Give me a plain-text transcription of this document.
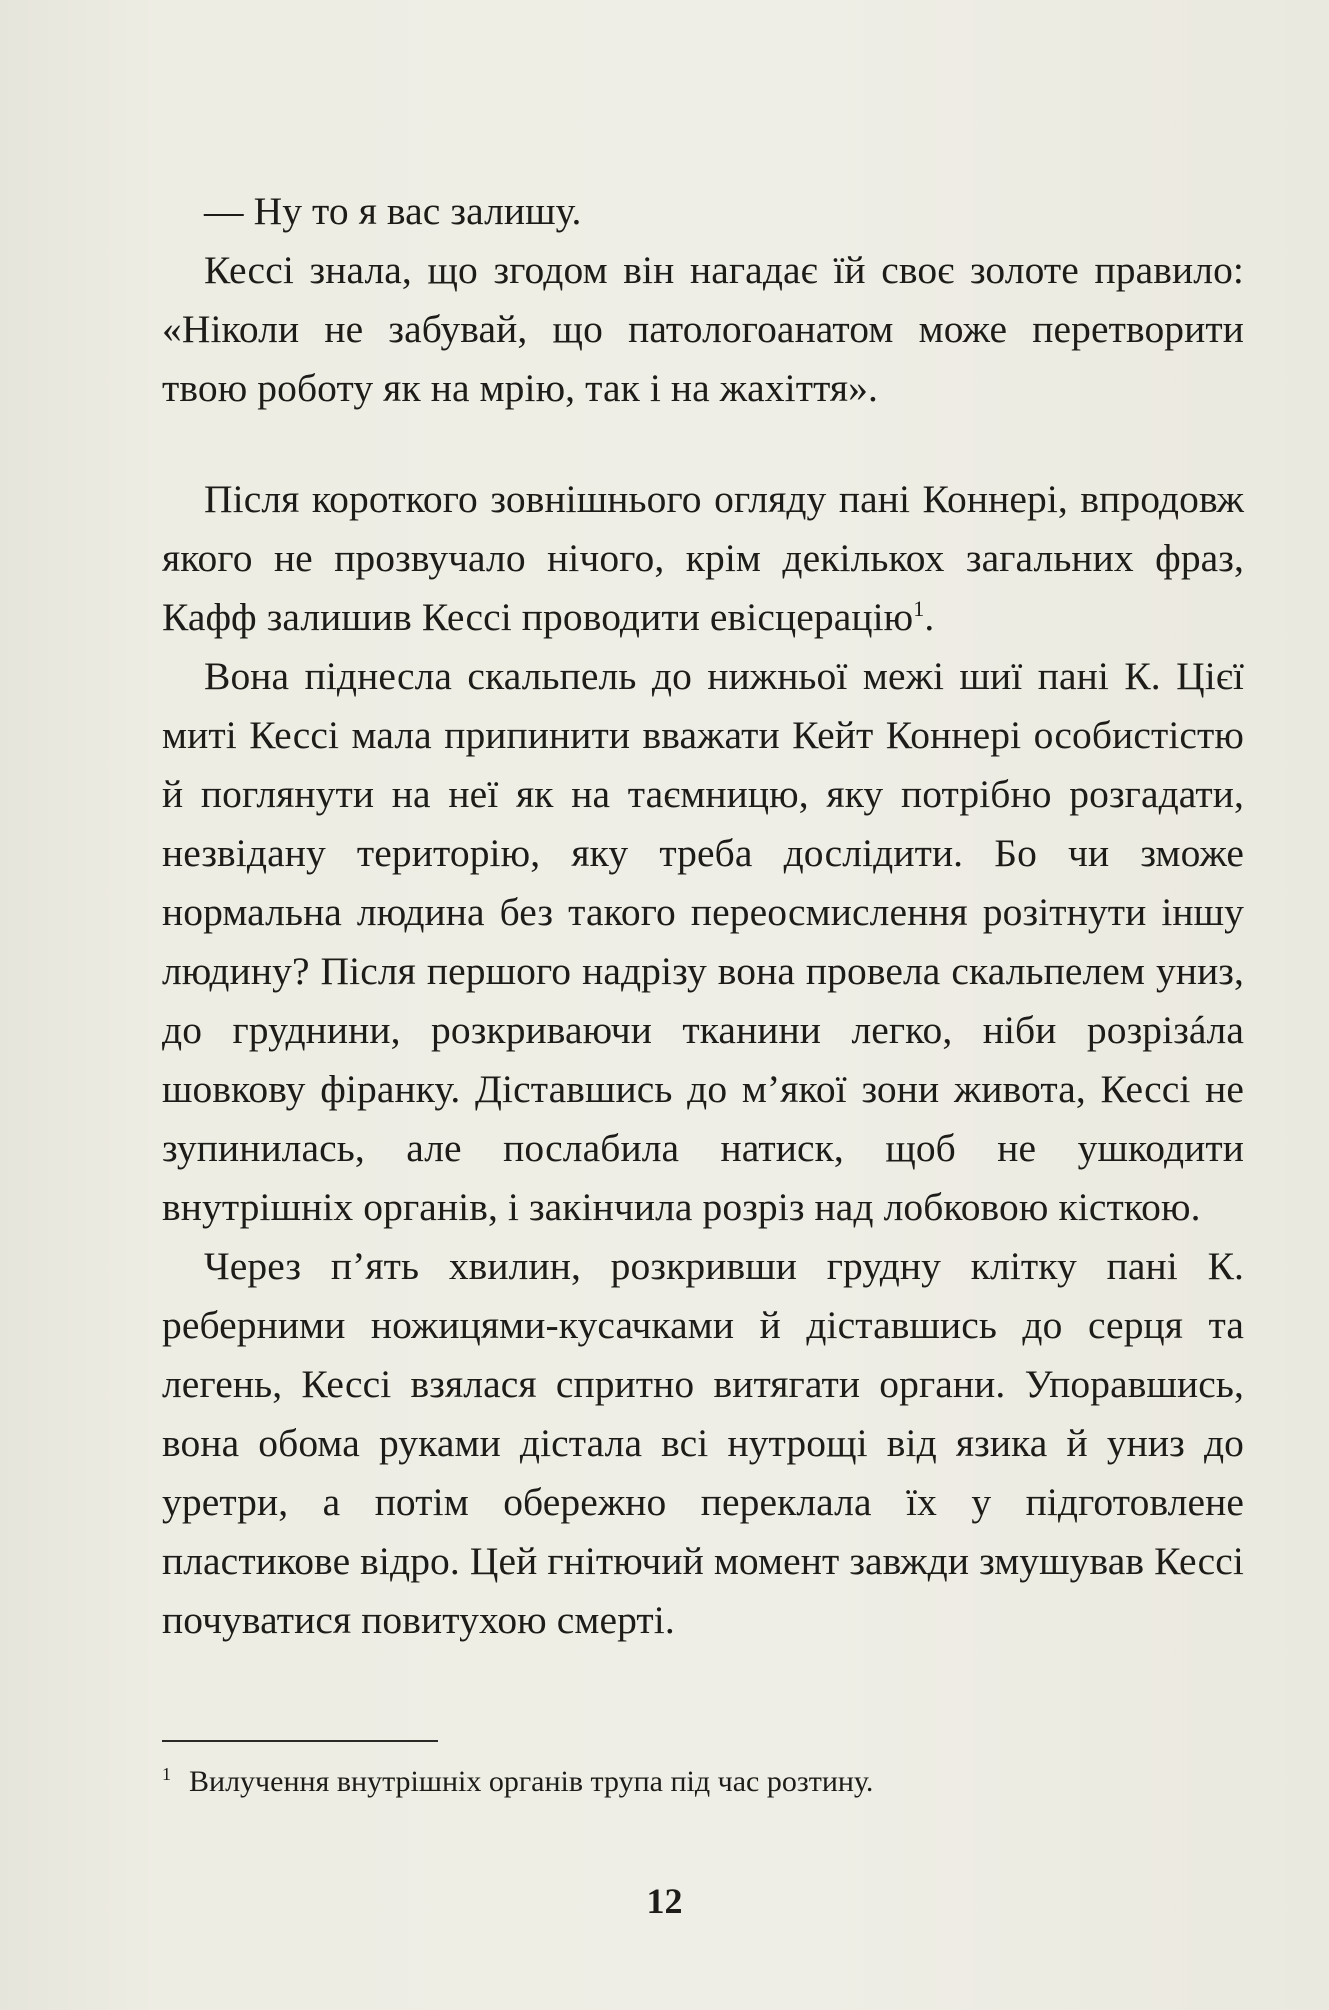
— Ну то я вас залишу.

Кессі знала, що згодом він нагадає їй своє золоте правило: «Ніколи не забувай, що патологоанатом може перетворити твою роботу як на мрію, так і на жахіття».

Після короткого зовнішнього огляду пані Коннері, впродовж якого не прозвучало нічого, крім декількох загальних фраз, Кафф залишив Кессі проводити евісцерацію$^1$.

Вона піднесла скальпель до нижньої межі шиї пані К. Цієї миті Кессі мала припинити вважати Кейт Коннері особистістю й поглянути на неї як на таємницю, яку потрібно розгадати, незвідану територію, яку треба дослідити. Бо чи зможе нормальна людина без такого переосмислення розітнути іншу людину? Після першого надрізу вона провела скальпелем униз, до груднини, розкриваючи тканини легко, ніби розрізáла шовкову фіранку. Діставшись до м’якої зони живота, Кессі не зупинилась, але послабила натиск, щоб не ушкодити внутрішніх органів, і закінчила розріз над лобковою кісткою.

Через п’ять хвилин, розкривши грудну клітку пані К. реберними ножицями-кусачками й діставшись до серця та легень, Кессі взялася спритно витягати органи. Упоравшись, вона обома руками дістала всі нутрощі від язика й униз до уретри, а потім обережно переклала їх у підготовлене пластикове відро. Цей гнітючий момент завжди змушував Кессі почуватися повитухою смерті.

$^1$ Вилучення внутрішніх органів трупа під час розтину.
12
